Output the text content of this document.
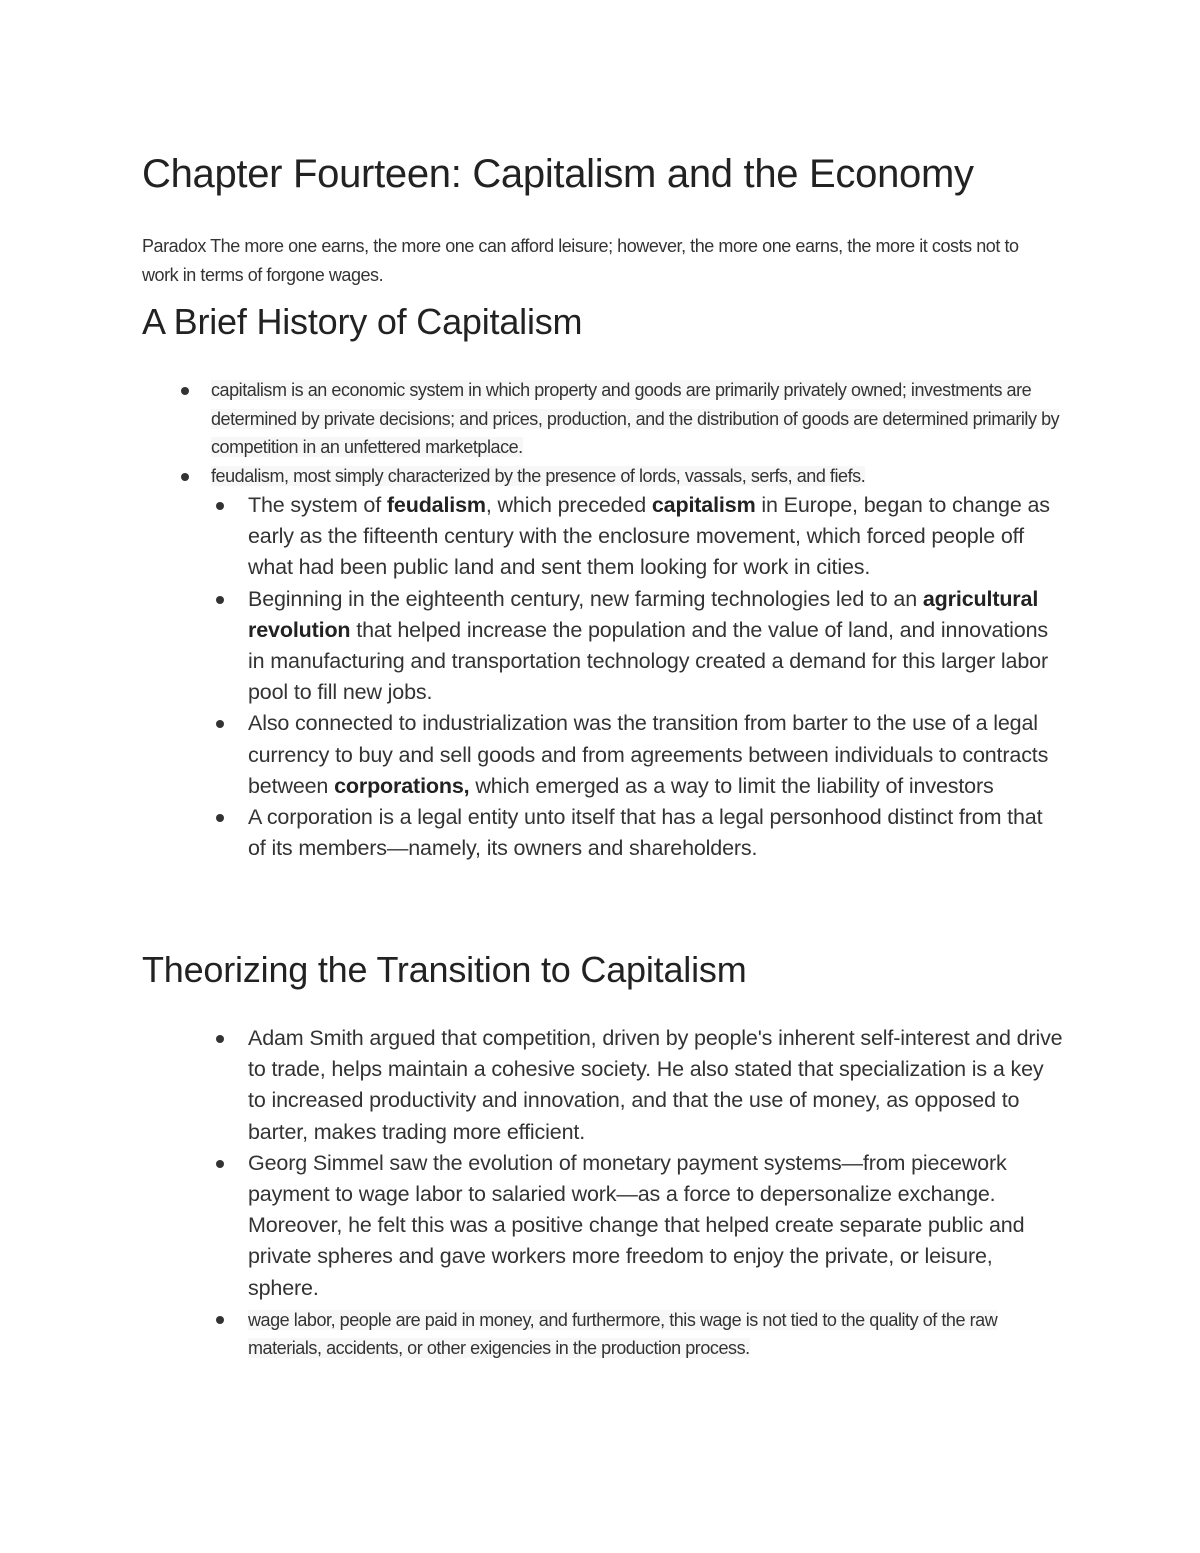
Chapter Fourteen: Capitalism and the Economy

Paradox The more one earns, the more one can afford leisure; however, the more one earns, the more it costs not to work in terms of forgone wages.

A Brief History of Capitalism
capitalism is an economic system in which property and goods are primarily privately owned; investments are determined by private decisions; and prices, production, and the distribution of goods are determined primarily by competition in an unfettered marketplace.
feudalism, most simply characterized by the presence of lords, vassals, serfs, and fiefs.
The system of feudalism, which preceded capitalism in Europe, began to change as early as the fifteenth century with the enclosure movement, which forced people off what had been public land and sent them looking for work in cities.
Beginning in the eighteenth century, new farming technologies led to an agricultural revolution that helped increase the population and the value of land, and innovations in manufacturing and transportation technology created a demand for this larger labor pool to fill new jobs.
Also connected to industrialization was the transition from barter to the use of a legal currency to buy and sell goods and from agreements between individuals to contracts between corporations, which emerged as a way to limit the liability of investors
A corporation is a legal entity unto itself that has a legal personhood distinct from that of its members—namely, its owners and shareholders.
Theorizing the Transition to Capitalism
Adam Smith argued that competition, driven by people's inherent self-interest and drive to trade, helps maintain a cohesive society. He also stated that specialization is a key to increased productivity and innovation, and that the use of money, as opposed to barter, makes trading more efficient.
Georg Simmel saw the evolution of monetary payment systems—from piecework payment to wage labor to salaried work—as a force to depersonalize exchange. Moreover, he felt this was a positive change that helped create separate public and private spheres and gave workers more freedom to enjoy the private, or leisure, sphere.
wage labor, people are paid in money, and furthermore, this wage is not tied to the quality of the raw materials, accidents, or other exigencies in the production process.
